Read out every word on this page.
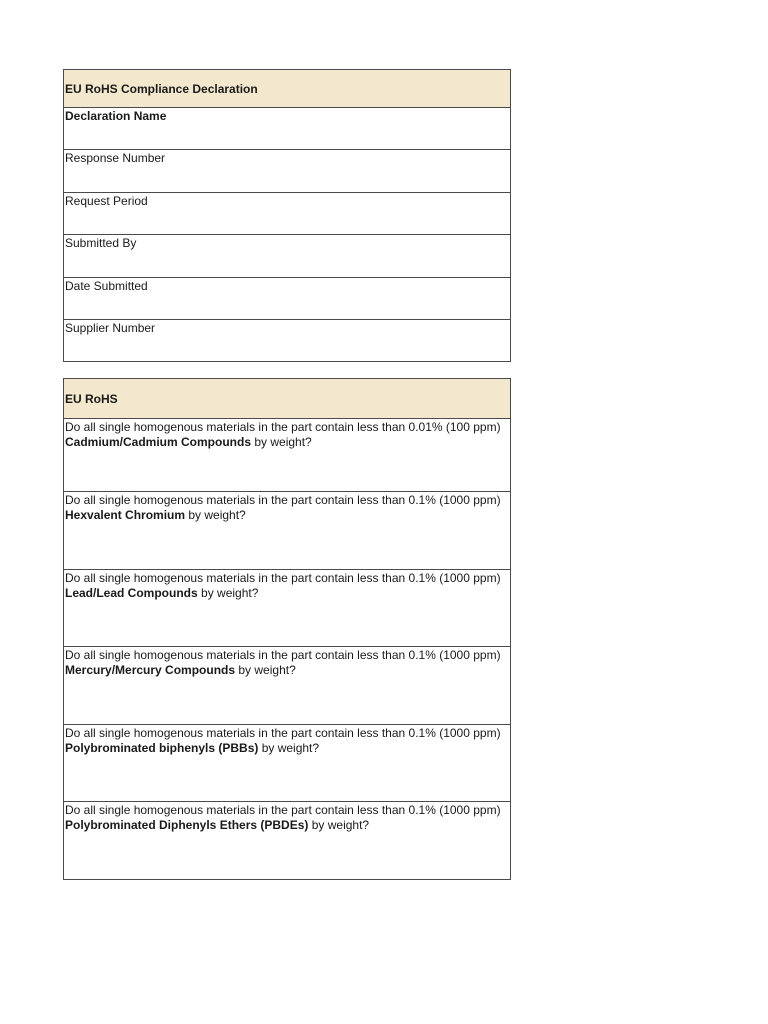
EU RoHS Compliance Declaration
Declaration Name
Response Number
Request Period
Submitted By
Date Submitted
Supplier Number
EU RoHS
Do all single homogenous materials in the part contain less than 0.01% (100 ppm) Cadmium/Cadmium Compounds by weight?
Do all single homogenous materials in the part contain less than 0.1% (1000 ppm) Hexvalent Chromium by weight?
Do all single homogenous materials in the part contain less than 0.1% (1000 ppm) Lead/Lead Compounds by weight?
Do all single homogenous materials in the part contain less than 0.1% (1000 ppm) Mercury/Mercury Compounds by weight?
Do all single homogenous materials in the part contain less than 0.1% (1000 ppm) Polybrominated biphenyls (PBBs) by weight?
Do all single homogenous materials in the part contain less than 0.1% (1000 ppm) Polybrominated Diphenyls Ethers (PBDEs) by weight?
